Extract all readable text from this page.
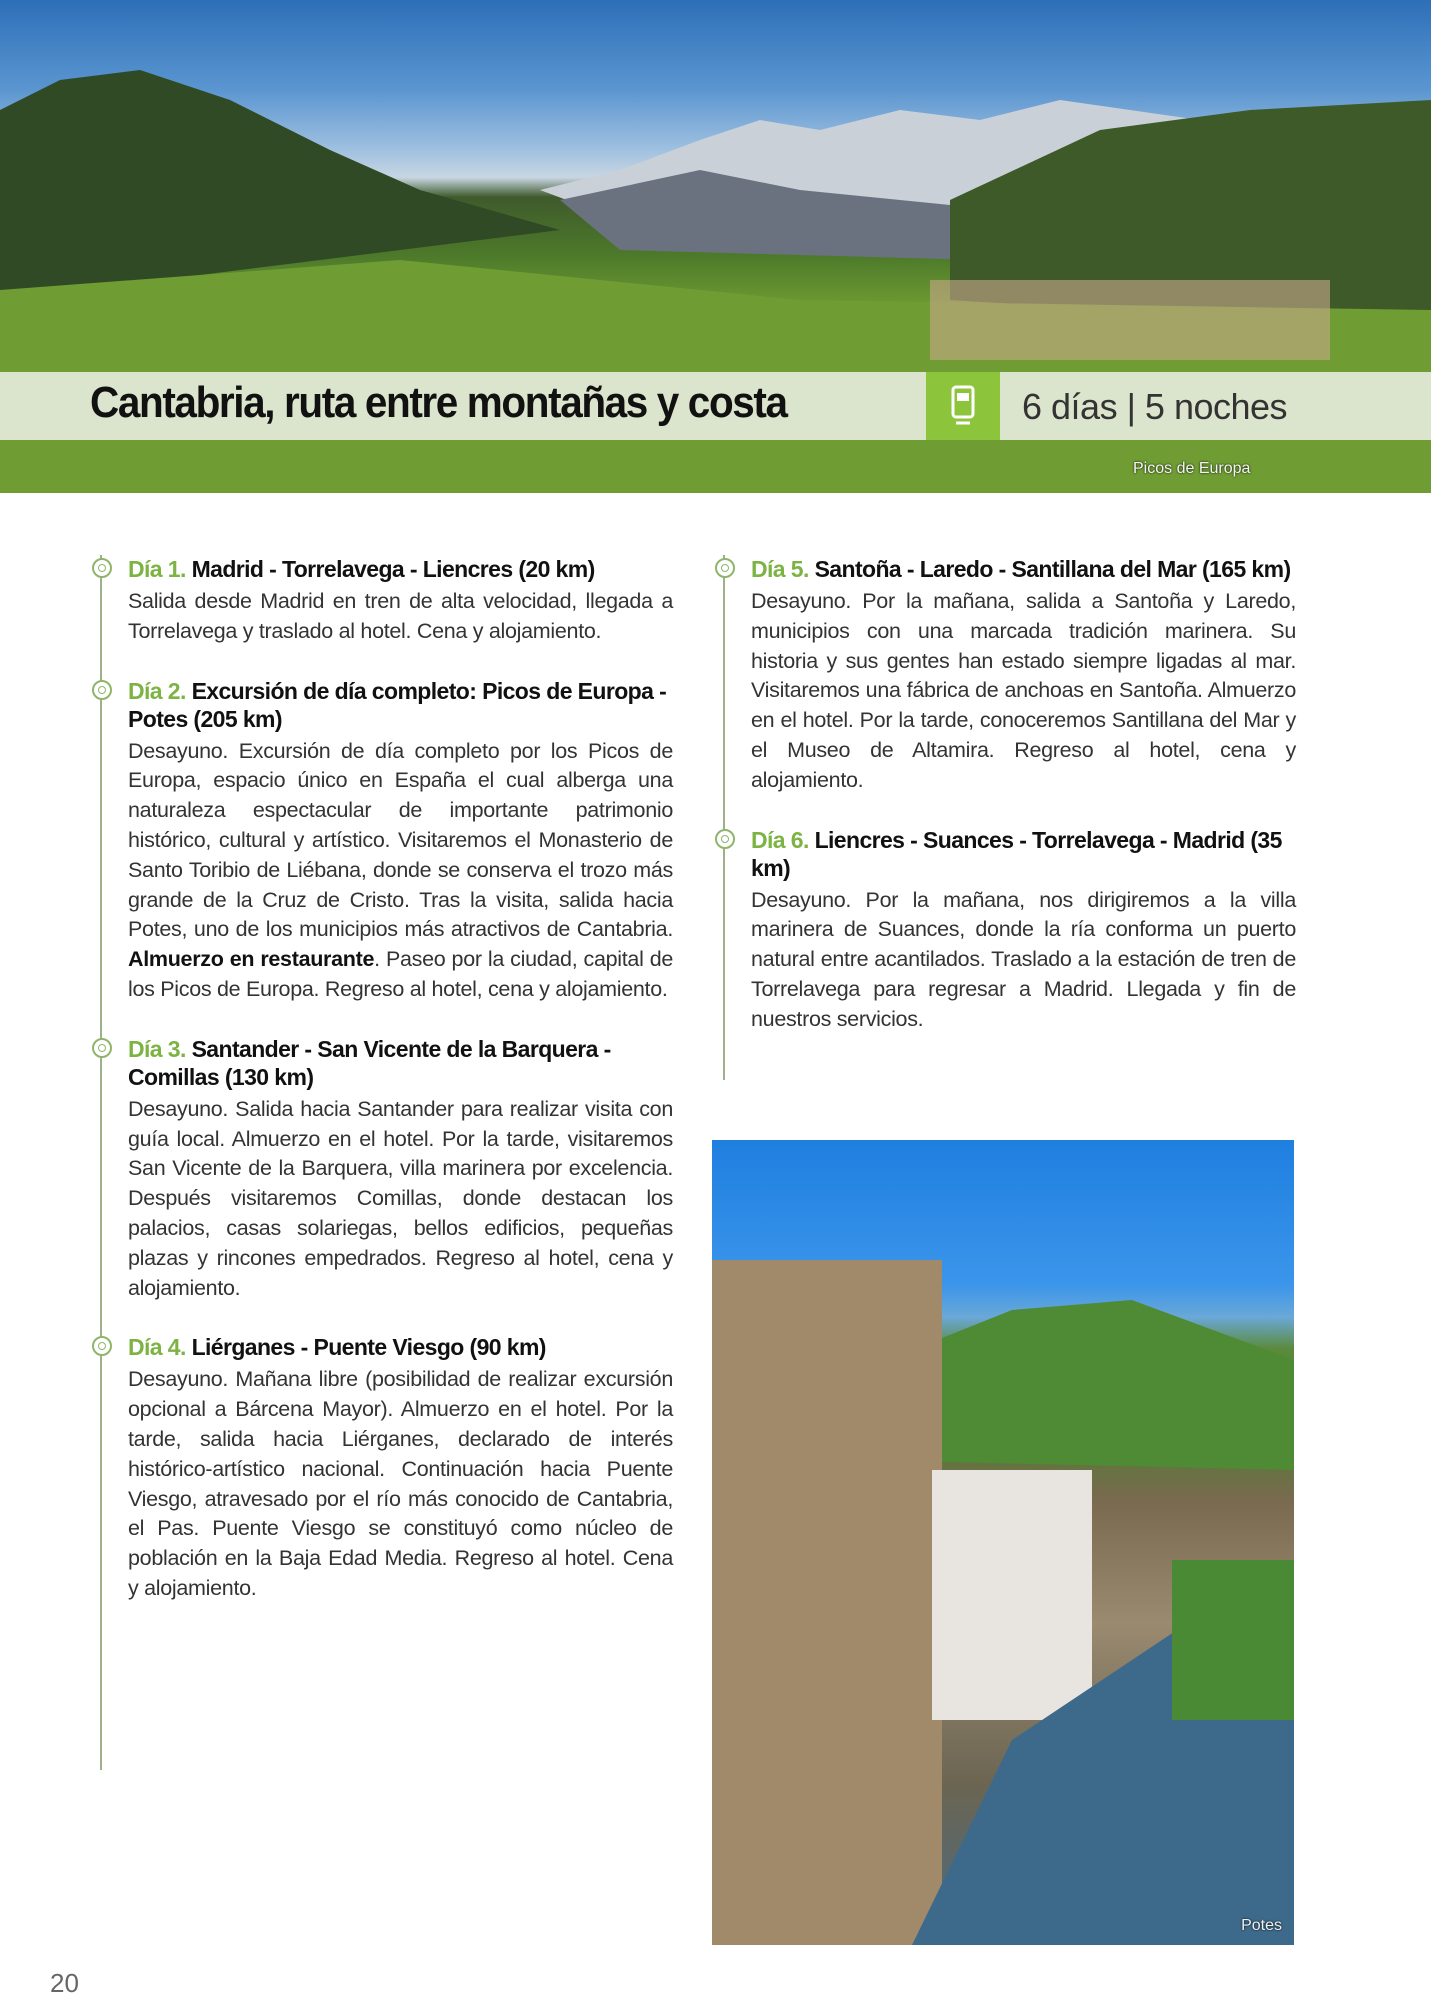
Cantabria, ruta entre montañas y costa	6 días | 5 noches
Picos de Europa
Día 1. Madrid - Torrelavega - Liencres (20 km)

Salida desde Madrid en tren de alta velocidad, llegada a Torrelavega y traslado al hotel. Cena y alojamiento.

Día 2. Excursión de día completo: Picos de Europa - Potes (205 km)

Desayuno. Excursión de día completo por los Picos de Europa, espacio único en España el cual alberga una naturaleza espectacular de importante patrimonio histórico, cultural y artístico. Visitaremos el Monasterio de Santo Toribio de Liébana, donde se conserva el trozo más grande de la Cruz de Cristo. Tras la visita, salida hacia Potes, uno de los municipios más atractivos de Cantabria. Almuerzo en restaurante. Paseo por la ciudad, capital de los Picos de Europa. Regreso al hotel, cena y alojamiento.

Día 3. Santander - San Vicente de la Barquera - Comillas (130 km)

Desayuno. Salida hacia Santander para realizar visita con guía local. Almuerzo en el hotel. Por la tarde, visitaremos San Vicente de la Barquera, villa marinera por excelencia. Después visitaremos Comillas, donde destacan los palacios, casas solariegas, bellos edificios, pequeñas plazas y rincones empedrados. Regreso al hotel, cena y alojamiento.

Día 4. Liérganes - Puente Viesgo (90 km)

Desayuno. Mañana libre (posibilidad de realizar excursión opcional a Bárcena Mayor). Almuerzo en el hotel. Por la tarde, salida hacia Liérganes, declarado de interés histórico-artístico nacional. Continuación hacia Puente Viesgo, atravesado por el río más conocido de Cantabria, el Pas. Puente Viesgo se constituyó como núcleo de población en la Baja Edad Media. Regreso al hotel. Cena y alojamiento.

Día 5. Santoña - Laredo - Santillana del Mar (165 km)

Desayuno. Por la mañana, salida a Santoña y Laredo, municipios con una marcada tradición marinera. Su historia y sus gentes han estado siempre ligadas al mar. Visitaremos una fábrica de anchoas en Santoña. Almuerzo en el hotel. Por la tarde, conoceremos Santillana del Mar y el Museo de Altamira. Regreso al hotel, cena y alojamiento.

Día 6. Liencres - Suances - Torrelavega - Madrid (35 km)

Desayuno. Por la mañana, nos dirigiremos a la villa marinera de Suances, donde la ría conforma un puerto natural entre acantilados. Traslado a la estación de tren de Torrelavega para regresar a Madrid. Llegada y fin de nuestros servicios.

Potes
20
